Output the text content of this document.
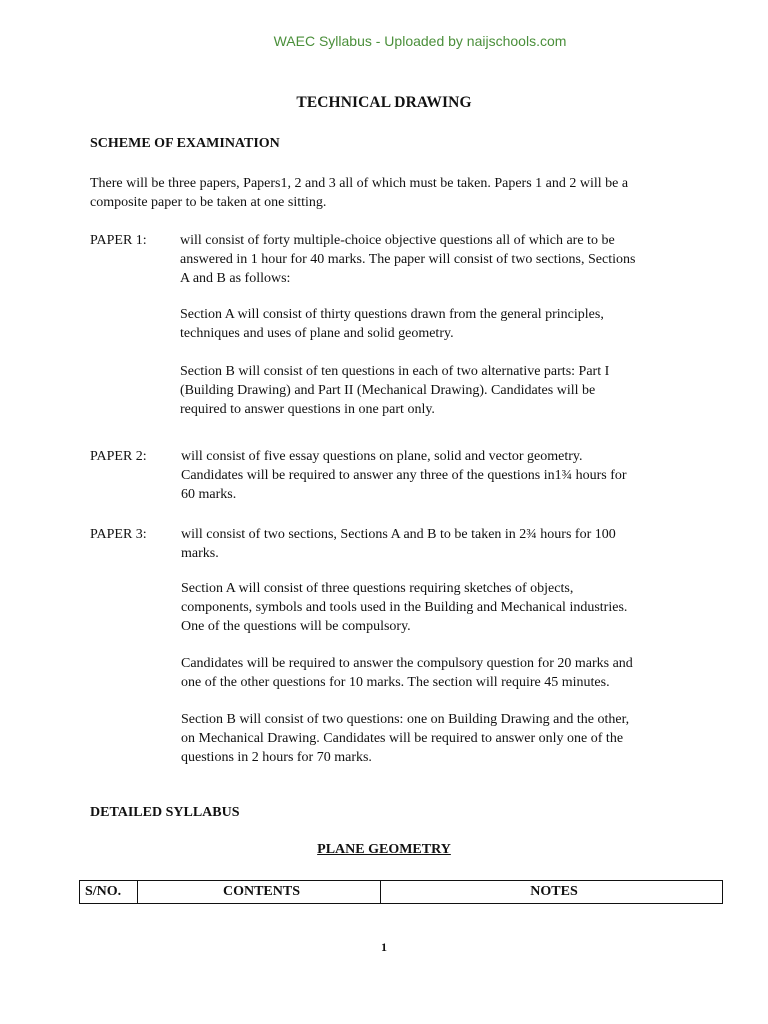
WAEC Syllabus - Uploaded by naijschools.com
TECHNICAL DRAWING
SCHEME OF EXAMINATION
There will be three papers, Papers1, 2 and 3 all of which must be taken. Papers 1 and 2 will be a
composite paper to be taken at one sitting.
PAPER 1: will consist of forty multiple-choice objective questions all of which are to be
answered in 1 hour for 40 marks. The paper will consist of two sections, Sections
A and B as follows:
Section A will consist of thirty questions drawn from the general principles,
techniques and uses of plane and solid geometry.
Section B will consist of ten questions in each of two alternative parts: Part I
(Building Drawing) and Part II (Mechanical Drawing). Candidates will be
required to answer questions in one part only.
PAPER 2: will consist of five essay questions on plane, solid and vector geometry.
Candidates will be required to answer any three of the questions in1¾ hours for
60 marks.
PAPER 3: will consist of two sections, Sections A and B to be taken in 2¾ hours for 100
marks.
Section A will consist of three questions requiring sketches of objects,
components, symbols and tools used in the Building and Mechanical industries.
One of the questions will be compulsory.
Candidates will be required to answer the compulsory question for 20 marks and
one of the other questions for 10 marks. The section will require 45 minutes.
Section B will consist of two questions: one on Building Drawing and the other,
on Mechanical Drawing. Candidates will be required to answer only one of the
questions in 2 hours for 70 marks.
DETAILED SYLLABUS
PLANE GEOMETRY
S/NO.	CONTENTS	NOTES
1
